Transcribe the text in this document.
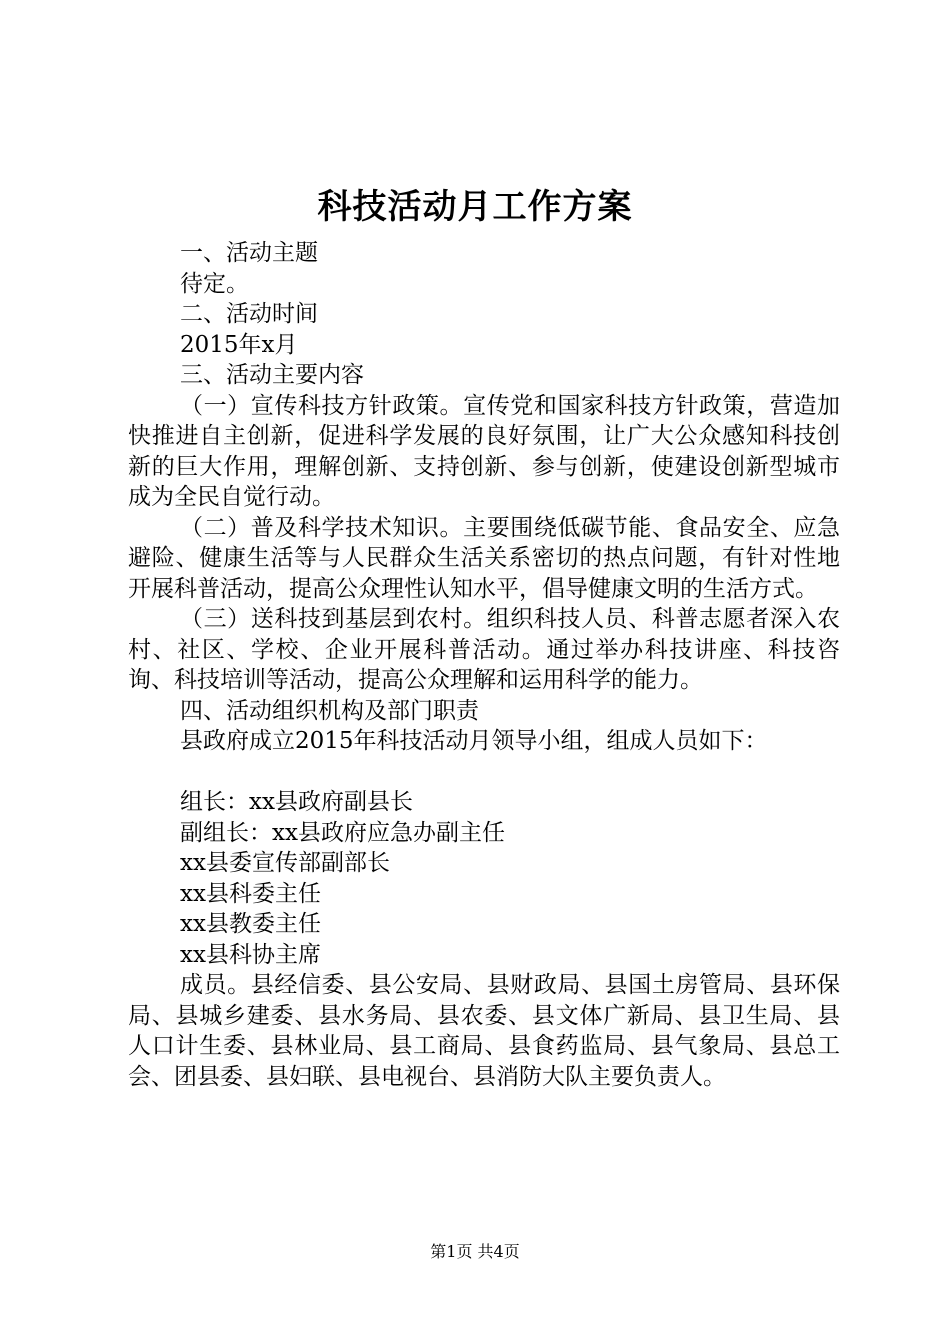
科技活动月工作方案
一、活动主题
待定。
二、活动时间
2015年x月
三、活动主要内容
（一）宣传科技方针政策。宣传党和国家科技方针政策，营造加快推进自主创新，促进科学发展的良好氛围，让广大公众感知科技创新的巨大作用，理解创新、支持创新、参与创新，使建设创新型城市成为全民自觉行动。
（二）普及科学技术知识。主要围绕低碳节能、食品安全、应急避险、健康生活等与人民群众生活关系密切的热点问题，有针对性地开展科普活动，提高公众理性认知水平，倡导健康文明的生活方式。
（三）送科技到基层到农村。组织科技人员、科普志愿者深入农村、社区、学校、企业开展科普活动。通过举办科技讲座、科技咨询、科技培训等活动，提高公众理解和运用科学的能力。
四、活动组织机构及部门职责
县政府成立2015年科技活动月领导小组，组成人员如下：
组长：xx县政府副县长
副组长：xx县政府应急办副主任
xx县委宣传部副部长
xx县科委主任
xx县教委主任
xx县科协主席
成员。县经信委、县公安局、县财政局、县国土房管局、县环保局、县城乡建委、县水务局、县农委、县文体广新局、县卫生局、县人口计生委、县林业局、县工商局、县食药监局、县气象局、县总工会、团县委、县妇联、县电视台、县消防大队主要负责人。
第1页 共4页
